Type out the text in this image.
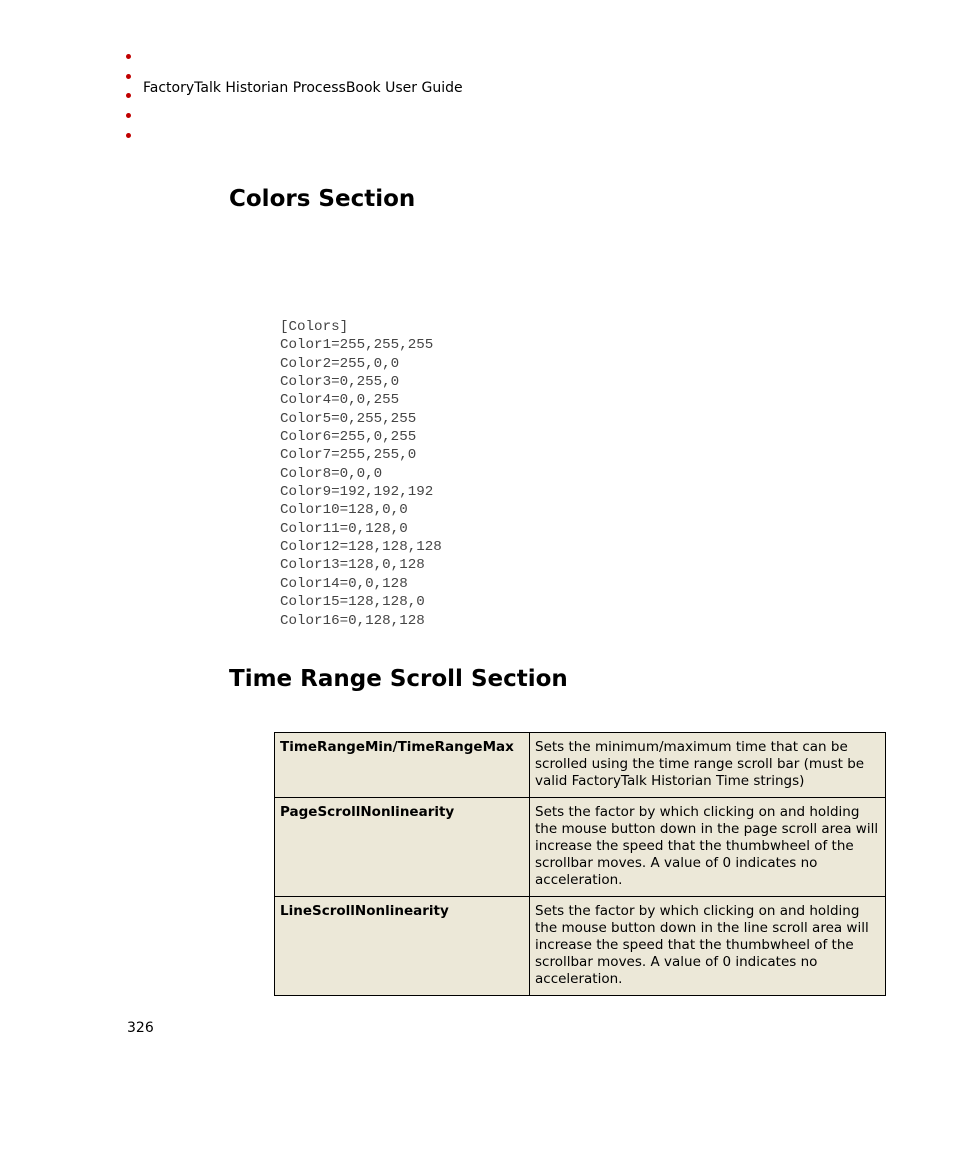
FactoryTalk Historian ProcessBook User Guide
Colors Section
[Colors]
Color1=255,255,255
Color2=255,0,0
Color3=0,255,0
Color4=0,0,255
Color5=0,255,255
Color6=255,0,255
Color7=255,255,0
Color8=0,0,0
Color9=192,192,192
Color10=128,0,0
Color11=0,128,0
Color12=128,128,128
Color13=128,0,128
Color14=0,0,128
Color15=128,128,0
Color16=0,128,128
Time Range Scroll Section
TimeRangeMin/TimeRangeMax	Sets the minimum/maximum time that can be scrolled using the time range scroll bar (must be valid FactoryTalk Historian Time strings)
PageScrollNonlinearity	Sets the factor by which clicking on and holding the mouse button down in the page scroll area will increase the speed that the thumbwheel of the scrollbar moves. A value of 0 indicates no acceleration.
LineScrollNonlinearity	Sets the factor by which clicking on and holding the mouse button down in the line scroll area will increase the speed that the thumbwheel of the scrollbar moves. A value of 0 indicates no acceleration.
326
